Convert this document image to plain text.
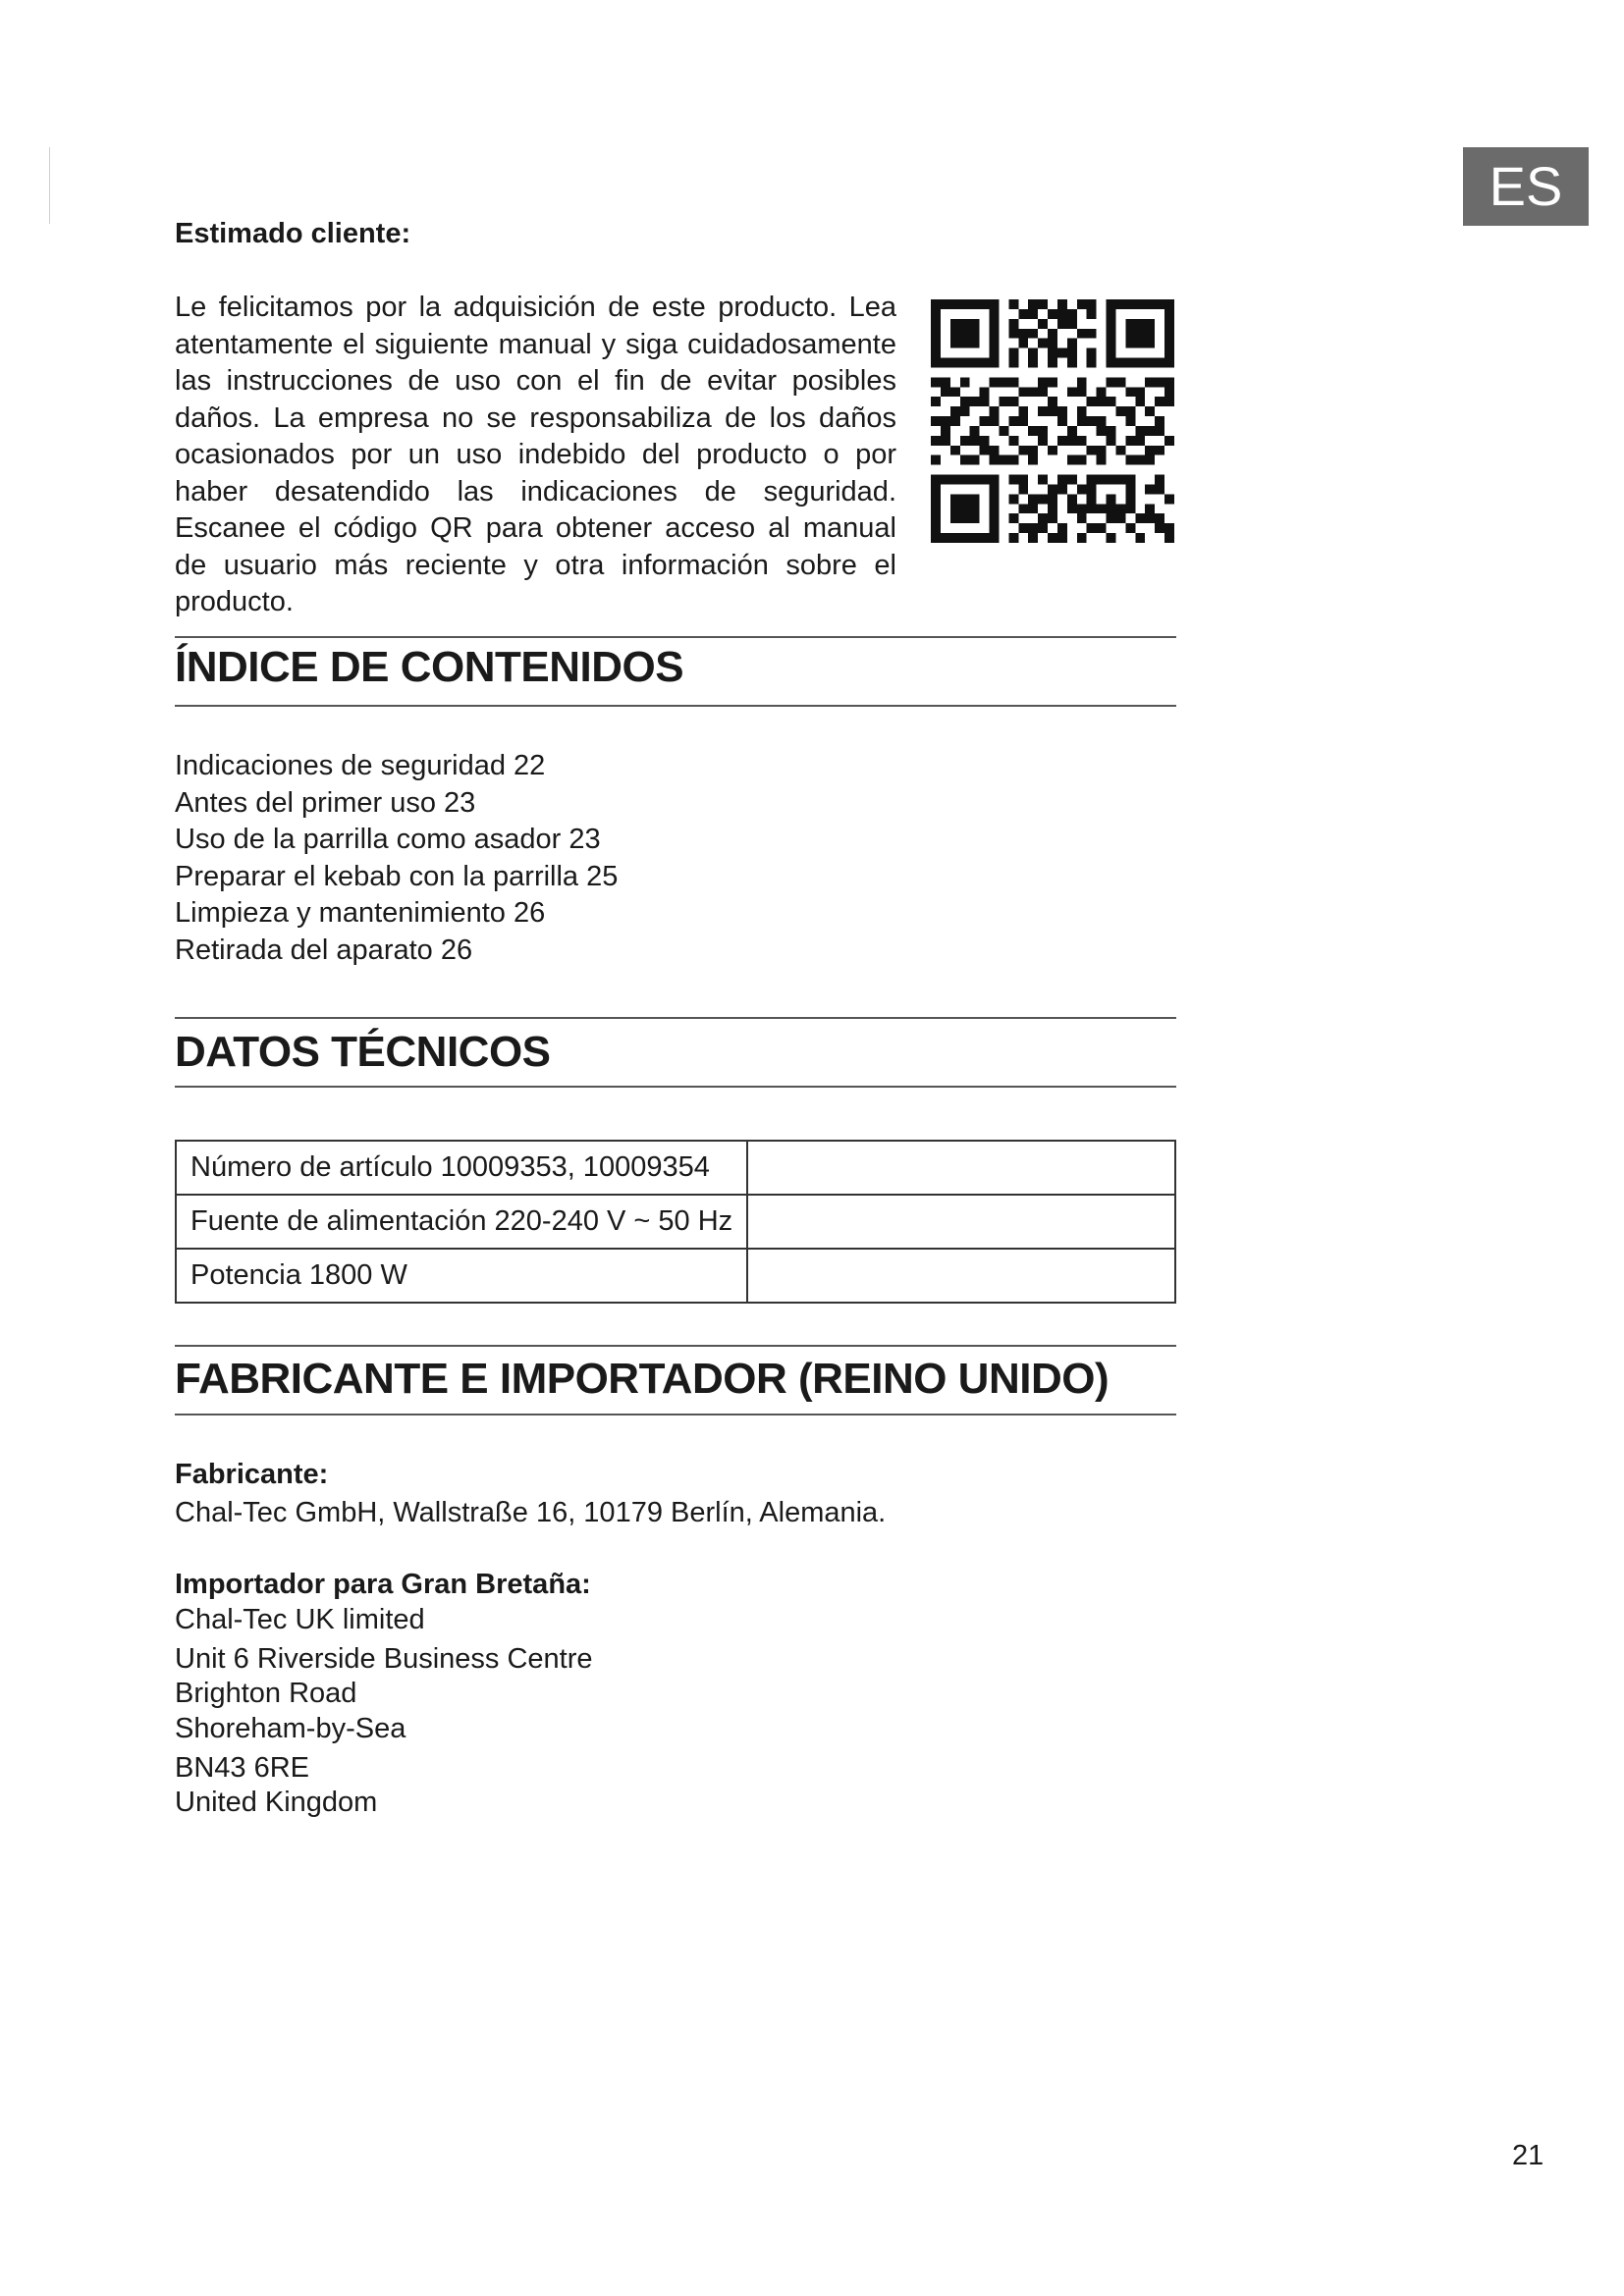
ES
Estimado cliente:

Le felicitamos por la adquisición de este producto. Lea atentamente el siguiente manual y siga cuidadosamente las instrucciones de uso con el fin de evitar posibles daños. La empresa no se responsabiliza de los daños ocasionados por un uso indebido del producto o por haber desatendido las indicaciones de seguridad. Escanee el código QR para obtener acceso al manual de usuario más reciente y otra información sobre el producto.

ÍNDICE DE CONTENIDOS
Indicaciones de seguridad 22
Antes del primer uso 23
Uso de la parrilla como asador 23
Preparar el kebab con la parrilla 25
Limpieza y mantenimiento 26
Retirada del aparato 26
DATOS TÉCNICOS
Número de artículo 10009353, 10009354	
Fuente de alimentación 220-240 V ~ 50 Hz	
Potencia 1800 W	
FABRICANTE E IMPORTADOR (REINO UNIDO)
Fabricante:
Chal-Tec GmbH, Wallstraße 16, 10179 Berlín, Alemania.
Importador para Gran Bretaña:
Chal-Tec UK limited
Unit 6 Riverside Business Centre
Brighton Road
Shoreham-by-Sea
BN43 6RE
United Kingdom
21
